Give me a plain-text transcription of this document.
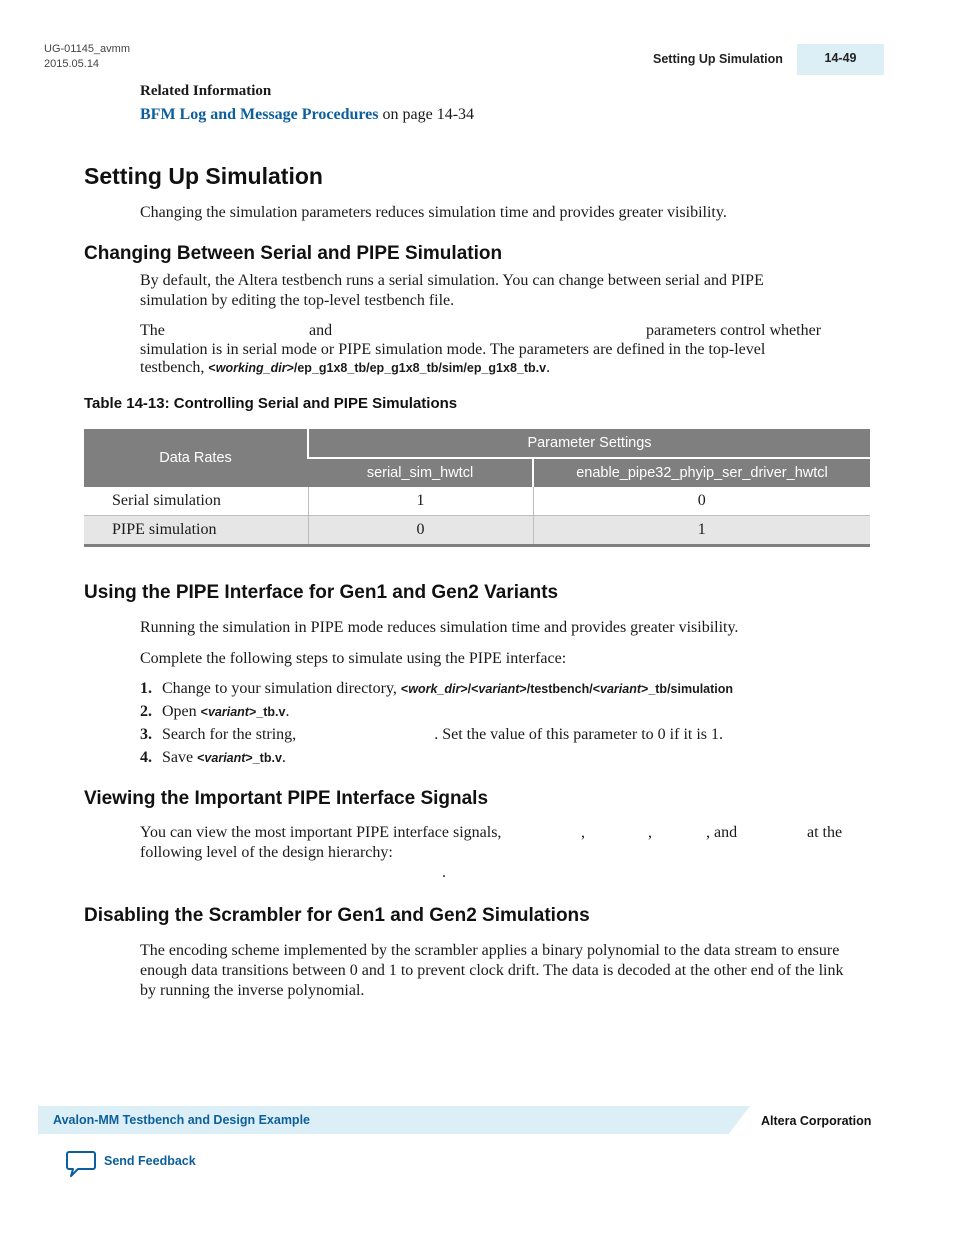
UG-01145_avmm
2015.05.14	Setting Up Simulation	14-49
Related Information
BFM Log and Message Procedures on page 14-34
Setting Up Simulation
Changing the simulation parameters reduces simulation time and provides greater visibility.
Changing Between Serial and PIPE Simulation
By default, the Altera testbench runs a serial simulation. You can change between serial and PIPE simulation by editing the top-level testbench file.
The	and	parameters control whether
simulation is in serial mode or PIPE simulation mode. The parameters are defined in the top-level
testbench, <working_dir>/ep_g1x8_tb/ep_g1x8_tb/sim/ep_g1x8_tb.v.
Table 14-13: Controlling Serial and PIPE Simulations
Data Rates	Parameter Settings	
	serial_sim_hwtcl	enable_pipe32_phyip_ser_driver_hwtcl
Serial simulation	1	0
PIPE simulation	0	1
Using the PIPE Interface for Gen1 and Gen2 Variants
Running the simulation in PIPE mode reduces simulation time and provides greater visibility.
Complete the following steps to simulate using the PIPE interface:
1. Change to your simulation directory, <work_dir>/<variant>/testbench/<variant>_tb/simulation
2. Open <variant>_tb.v.
3. Search for the string,	. Set the value of this parameter to 0 if it is 1.
4. Save <variant>_tb.v.
Viewing the Important PIPE Interface Signals
You can view the most important PIPE interface signals,	,	,	, and	at the
following level of the design hierarchy:
.
Disabling the Scrambler for Gen1 and Gen2 Simulations
The encoding scheme implemented by the scrambler applies a binary polynomial to the data stream to ensure enough data transitions between 0 and 1 to prevent clock drift. The data is decoded at the other end of the link by running the inverse polynomial.
Avalon-MM Testbench and Design Example	Altera Corporation
Send Feedback
